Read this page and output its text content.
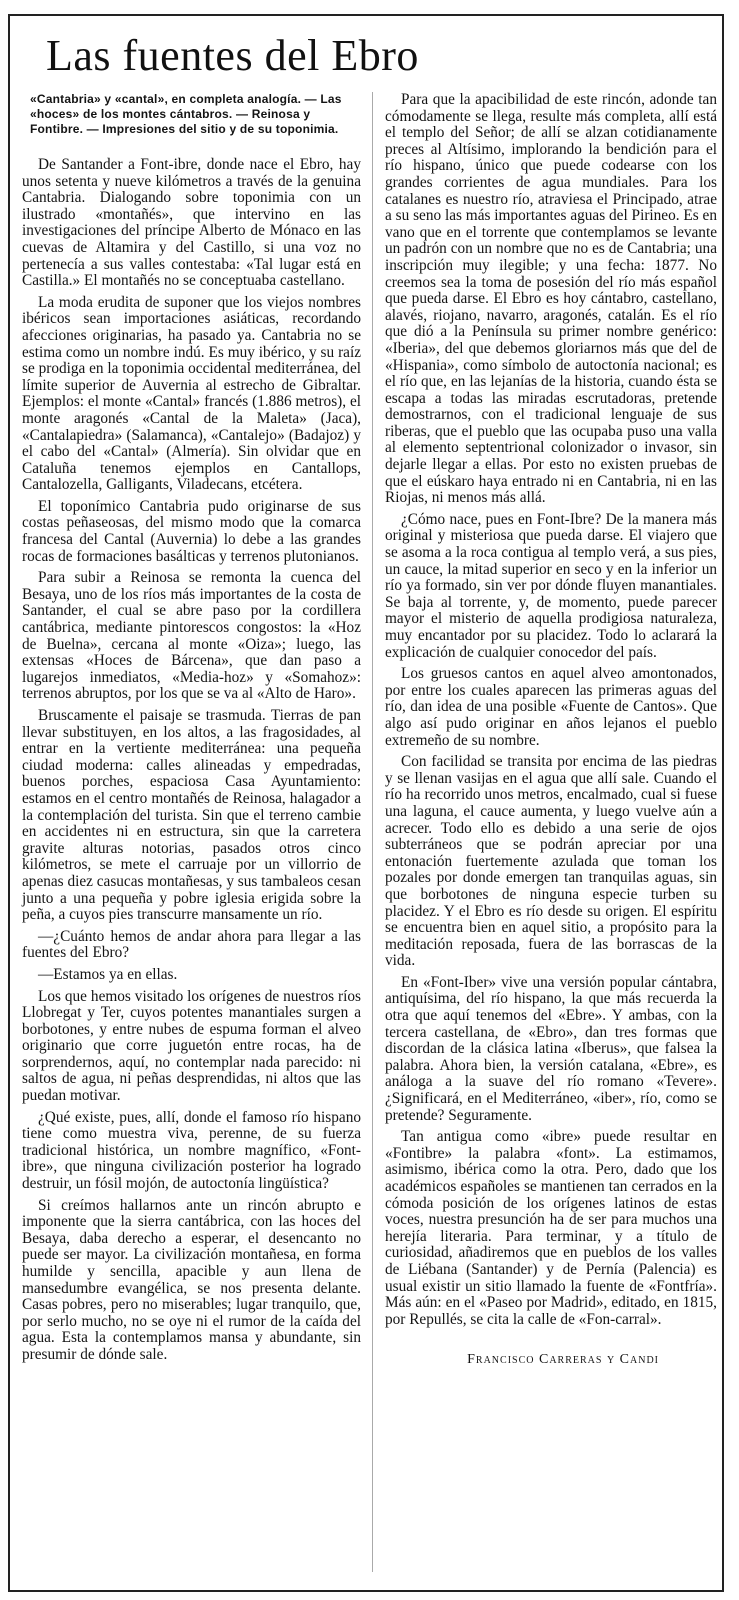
Las fuentes del Ebro
«Cantabria» y «cantal», en completa analogía. — Las «hoces» de los montes cántabros. — Reinosa y Fontibre. — Impresiones del sitio y de su toponimia.

De Santander a Font-ibre, donde nace el Ebro, hay unos setenta y nueve kilómetros a través de la genuina Cantabria. Dialogando sobre toponimia con un ilustrado «montañés», que intervino en las investigaciones del príncipe Alberto de Mónaco en las cuevas de Altamira y del Castillo, si una voz no pertenecía a sus valles contestaba: «Tal lugar está en Castilla.» El montañés no se conceptuaba castellano.

La moda erudita de suponer que los viejos nombres ibéricos sean importaciones asiáticas, recordando afecciones originarias, ha pasado ya. Cantabria no se estima como un nombre indú. Es muy ibérico, y su raíz se prodiga en la toponimia occidental mediterránea, del límite superior de Auvernia al estrecho de Gibraltar. Ejemplos: el monte «Cantal» francés (1.886 metros), el monte aragonés «Cantal de la Maleta» (Jaca), «Cantalapiedra» (Salamanca), «Cantalejo» (Badajoz) y el cabo del «Cantal» (Almería). Sin olvidar que en Cataluña tenemos ejemplos en Cantallops, Cantalozella, Galligants, Viladecans, etcétera.

El toponímico Cantabria pudo originarse de sus costas peñaseosas, del mismo modo que la comarca francesa del Cantal (Auvernia) lo debe a las grandes rocas de formaciones basálticas y terrenos plutonianos.

Para subir a Reinosa se remonta la cuenca del Besaya, uno de los ríos más importantes de la costa de Santander, el cual se abre paso por la cordillera cantábrica, mediante pintorescos congostos: la «Hoz de Buelna», cercana al monte «Oiza»; luego, las extensas «Hoces de Bárcena», que dan paso a lugarejos inmediatos, «Media-hoz» y «Somahoz»: terrenos abruptos, por los que se va al «Alto de Haro».

Bruscamente el paisaje se trasmuda. Tierras de pan llevar substituyen, en los altos, a las fragosidades, al entrar en la vertiente mediterránea: una pequeña ciudad moderna: calles alineadas y empedradas, buenos porches, espaciosa Casa Ayuntamiento: estamos en el centro montañés de Reinosa, halagador a la contemplación del turista. Sin que el terreno cambie en accidentes ni en estructura, sin que la carretera gravite alturas notorias, pasados otros cinco kilómetros, se mete el carruaje por un villorrio de apenas diez casucas montañesas, y sus tambaleos cesan junto a una pequeña y pobre iglesia erigida sobre la peña, a cuyos pies transcurre mansamente un río.

—¿Cuánto hemos de andar ahora para llegar a las fuentes del Ebro?

—Estamos ya en ellas.

Los que hemos visitado los orígenes de nuestros ríos Llobregat y Ter, cuyos potentes manantiales surgen a borbotones, y entre nubes de espuma forman el alveo originario que corre juguetón entre rocas, ha de sorprendernos, aquí, no contemplar nada parecido: ni saltos de agua, ni peñas desprendidas, ni altos que las puedan motivar.

¿Qué existe, pues, allí, donde el famoso río hispano tiene como muestra viva, perenne, de su fuerza tradicional histórica, un nombre magnífico, «Font-ibre», que ninguna civilización posterior ha logrado destruir, un fósil mojón, de autoctonía lingüística?

Si creímos hallarnos ante un rincón abrupto e imponente que la sierra cantábrica, con las hoces del Besaya, daba derecho a esperar, el desencanto no puede ser mayor. La civilización montañesa, en forma humilde y sencilla, apacible y aun llena de mansedumbre evangélica, se nos presenta delante. Casas pobres, pero no miserables; lugar tranquilo, que, por serlo mucho, no se oye ni el rumor de la caída del agua. Esta la contemplamos mansa y abundante, sin presumir de dónde sale.

Para que la apacibilidad de este rincón, adonde tan cómodamente se llega, resulte más completa, allí está el templo del Señor; de allí se alzan cotidianamente preces al Altísimo, implorando la bendición para el río hispano, único que puede codearse con los grandes corrientes de agua mundiales. Para los catalanes es nuestro río, atraviesa el Principado, atrae a su seno las más importantes aguas del Pirineo. Es en vano que en el torrente que contemplamos se levante un padrón con un nombre que no es de Cantabria; una inscripción muy ilegible; y una fecha: 1877. No creemos sea la toma de posesión del río más español que pueda darse. El Ebro es hoy cántabro, castellano, alavés, riojano, navarro, aragonés, catalán. Es el río que dió a la Península su primer nombre genérico: «Iberia», del que debemos gloriarnos más que del de «Hispania», como símbolo de autoctonía nacional; es el río que, en las lejanías de la historia, cuando ésta se escapa a todas las miradas escrutadoras, pretende demostrarnos, con el tradicional lenguaje de sus riberas, que el pueblo que las ocupaba puso una valla al elemento septentrional colonizador o invasor, sin dejarle llegar a ellas. Por esto no existen pruebas de que el eúskaro haya entrado ni en Cantabria, ni en las Riojas, ni menos más allá.

¿Cómo nace, pues en Font-Ibre? De la manera más original y misteriosa que pueda darse. El viajero que se asoma a la roca contigua al templo verá, a sus pies, un cauce, la mitad superior en seco y en la inferior un río ya formado, sin ver por dónde fluyen manantiales. Se baja al torrente, y, de momento, puede parecer mayor el misterio de aquella prodigiosa naturaleza, muy encantador por su placidez. Todo lo aclarará la explicación de cualquier conocedor del país.

Los gruesos cantos en aquel alveo amontonados, por entre los cuales aparecen las primeras aguas del río, dan idea de una posible «Fuente de Cantos». Que algo así pudo originar en años lejanos el pueblo extremeño de su nombre.

Con facilidad se transita por encima de las piedras y se llenan vasijas en el agua que allí sale. Cuando el río ha recorrido unos metros, encalmado, cual si fuese una laguna, el cauce aumenta, y luego vuelve aún a acrecer. Todo ello es debido a una serie de ojos subterráneos que se podrán apreciar por una entonación fuertemente azulada que toman los pozales por donde emergen tan tranquilas aguas, sin que borbotones de ninguna especie turben su placidez. Y el Ebro es río desde su origen. El espíritu se encuentra bien en aquel sitio, a propósito para la meditación reposada, fuera de las borrascas de la vida.

En «Font-Iber» vive una versión popular cántabra, antiquísima, del río hispano, la que más recuerda la otra que aquí tenemos del «Ebre». Y ambas, con la tercera castellana, de «Ebro», dan tres formas que discordan de la clásica latina «Iberus», que falsea la palabra. Ahora bien, la versión catalana, «Ebre», es análoga a la suave del río romano «Tevere». ¿Significará, en el Mediterráneo, «iber», río, como se pretende? Seguramente.

Tan antigua como «ibre» puede resultar en «Fontibre» la palabra «font». La estimamos, asimismo, ibérica como la otra. Pero, dado que los académicos españoles se mantienen tan cerrados en la cómoda posición de los orígenes latinos de estas voces, nuestra presunción ha de ser para muchos una herejía literaria. Para terminar, y a título de curiosidad, añadiremos que en pueblos de los valles de Liébana (Santander) y de Pernía (Palencia) es usual existir un sitio llamado la fuente de «Fontfría». Más aún: en el «Paseo por Madrid», editado, en 1815, por Repullés, se cita la calle de «Fon-carral».

Francisco Carreras y Candi
